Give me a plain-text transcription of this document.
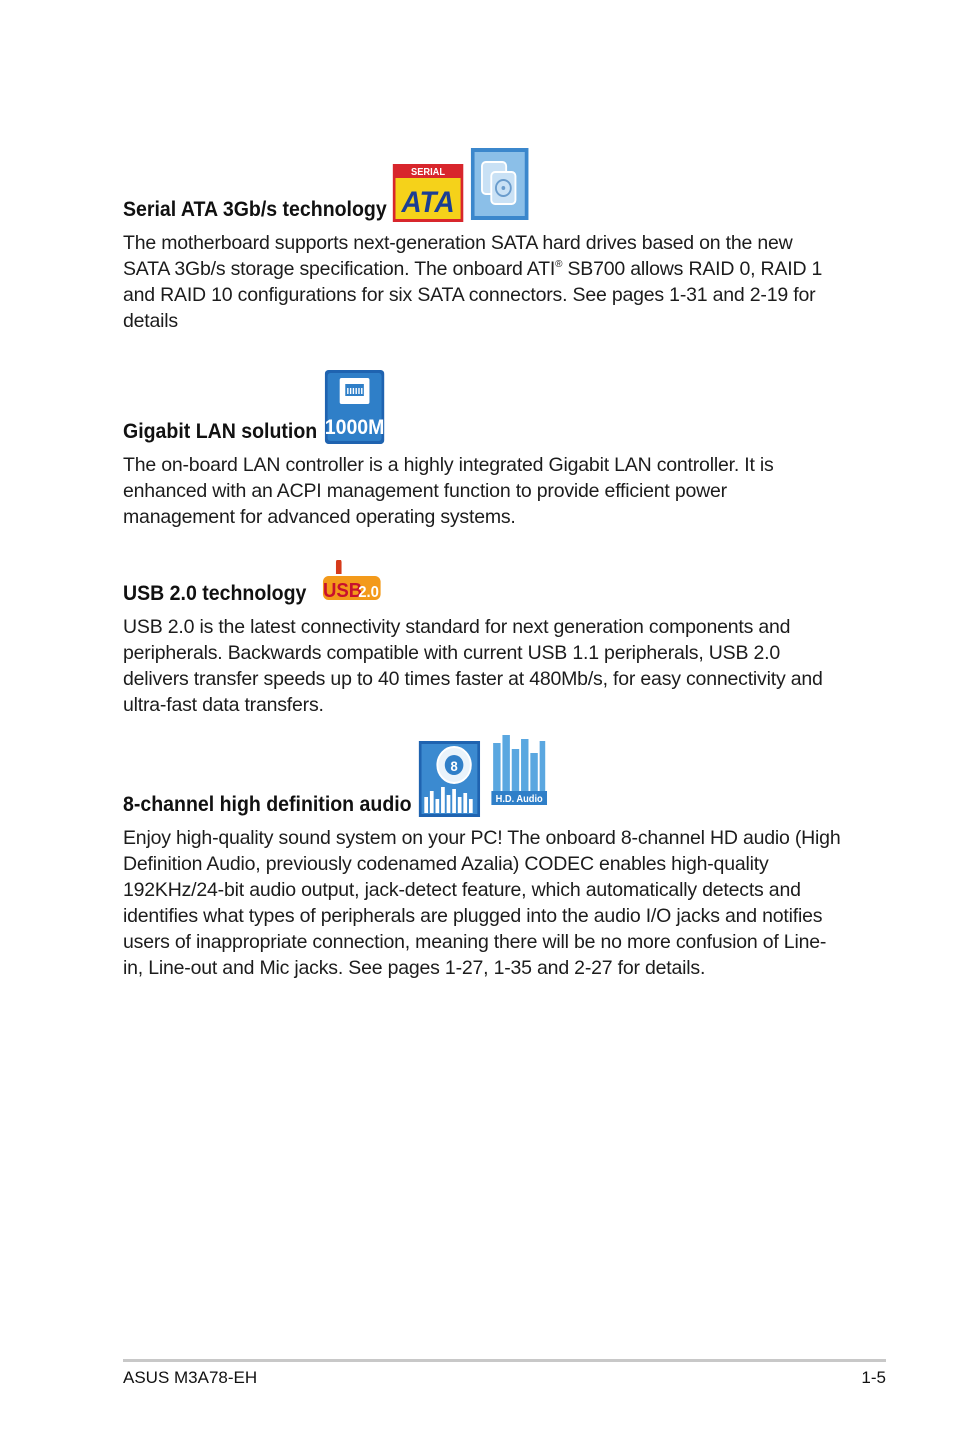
Serial ATA 3Gb/s technology
SERIAL
ATA
The motherboard supports next-generation SATA hard drives based on the new SATA 3Gb/s storage specification. The onboard ATI® SB700 allows RAID 0, RAID 1 and RAID 10 configurations for six SATA connectors. See pages 1-31 and 2-19 for details
Gigabit LAN solution 1000M
The on-board LAN controller is a highly integrated Gigabit LAN controller. It is enhanced with an ACPI management function to provide efficient power management for advanced operating systems.
USB 2.0 technology USB
2.0
USB 2.0 is the latest connectivity standard for next generation components and peripherals. Backwards compatible with current USB 1.1 peripherals, USB 2.0 delivers transfer speeds up to 40 times faster at 480Mb/s, for easy connectivity and ultra-fast data transfers.
8-channel high definition audio
8
H.D. Audio
Enjoy high-quality sound system on your PC! The onboard 8-channel HD audio (High Definition Audio, previously codenamed Azalia) CODEC enables high-quality 192KHz/24-bit audio output, jack-detect feature, which automatically detects and identifies what types of peripherals are plugged into the audio I/O jacks and notifies users of inappropriate connection, meaning there will be no more confusion of Line-in, Line-out and Mic jacks. See pages 1-27, 1-35 and 2-27 for details.
ASUS M3A78-EH	1-5
